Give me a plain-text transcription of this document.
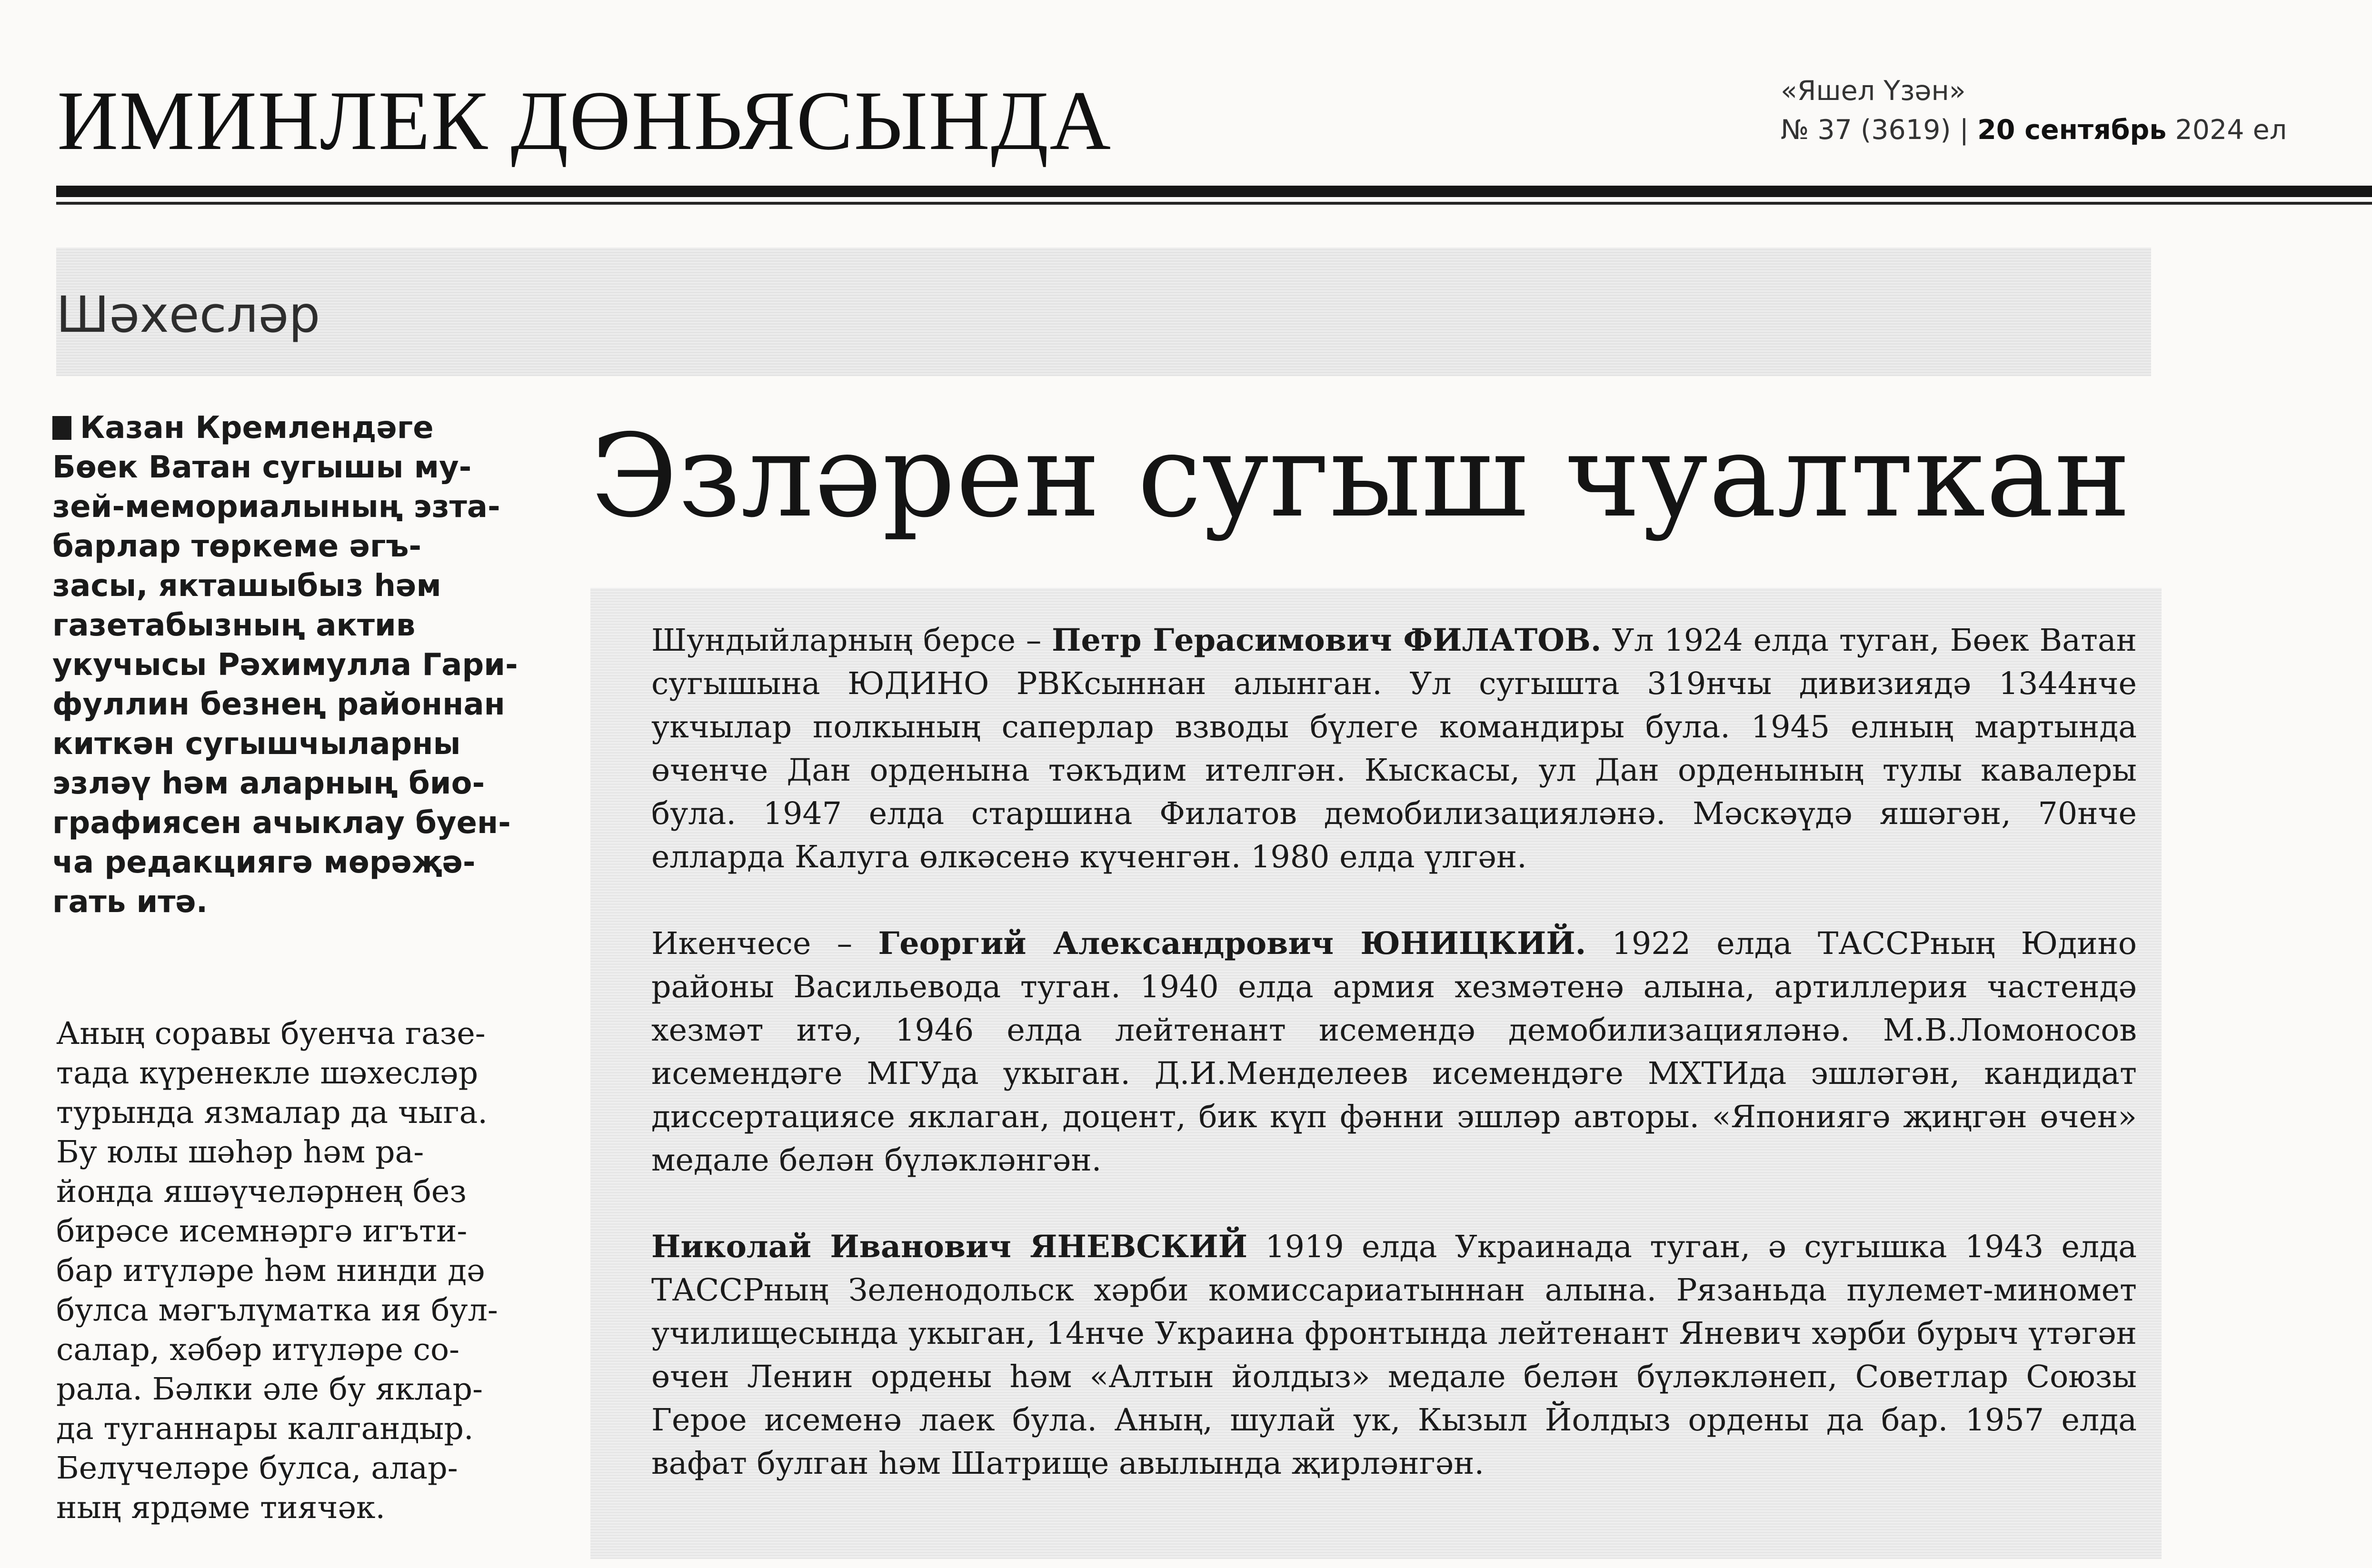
ИМИНЛЕК ДӨНЬЯСЫНДА	«Яшел Үзән»
№ 37 (3619) | 20 сентябрь 2024 ел
Шәхесләр
Казан Кремлендәге
Бөек Ватан сугышы му-
зей-мемориалының эзта-
барлар төркеме әгъ-
засы, якташыбыз һәм
газетабызның актив
укучысы Рәхимулла Гари-
фуллин безнең районнан
киткән сугышчыларны
эзләү һәм аларның био-
графиясен ачыклау буен-
ча редакциягә мөрәҗә-
гать итә.
Аның соравы буенча газе-
тада күренекле шәхесләр
турында язмалар да чыга.
Бу юлы шәһәр һәм ра-
йонда яшәүчеләрнең без
бирәсе исемнәргә игъти-
бар итүләре һәм нинди дә
булса мәгълүматка ия бул-
салар, хәбәр итүләре со-
рала. Бәлки әле бу яклар-
да туганнары калгандыр.
Белүчеләре булса, алар-
ның ярдәме тиячәк.
Эзләрен сугыш чуалткан

Шундыйларның берсе – Петр Герасимович ФИЛАТОВ. Ул 1924 елда туган, Бөек Ватан сугышына ЮДИНО РВКсыннан алынган. Ул сугышта 319нчы дивизиядә 1344нче укчылар полкының саперлар взводы бүлеге командиры була. 1945 елның мартында өченче Дан орденына тәкъдим ителгән. Кыскасы, ул Дан орденының тулы кавалеры була. 1947 елда старшина Филатов демобилизацияләнә. Мәскәүдә яшәгән, 70нче елларда Калуга өлкәсенә күченгән. 1980 елда үлгән.

Икенчесе – Георгий Александрович ЮНИЦКИЙ. 1922 елда ТАССРның Юдино районы Васильеводa туган. 1940 елда армия хезмәтенә алына, артиллерия частендә хезмәт итә, 1946 елда лейтенант исемендә демобилизацияләнә. М.В.Ломоносов исемендәге МГУда укыган. Д.И.Менделеев исемендәге МХТИда эшләгән, кандидат диссертациясе яклаган, доцент, бик күп фәнни эшләр авторы. «Япониягә җиңгән өчен» медале белән бүләкләнгән.

Николай Иванович ЯНЕВСКИЙ 1919 елда Украинада туган, ә сугышка 1943 елда ТАССРның Зеленодольск хәрби комиссариатыннан алына. Рязаньда пулемет-миномет училищесында укыган, 14нче Украина фронтында лейтенант Яневич хәрби бурыч үтәгән өчен Ленин ордены һәм «Алтын йолдыз» медале белән бүләкләнеп, Советлар Союзы Герое исеменә лаек була. Аның, шулай ук, Кызыл Йолдыз ордены да бар. 1957 елда вафат булган һәм Шатрище авылында җирләнгән.
